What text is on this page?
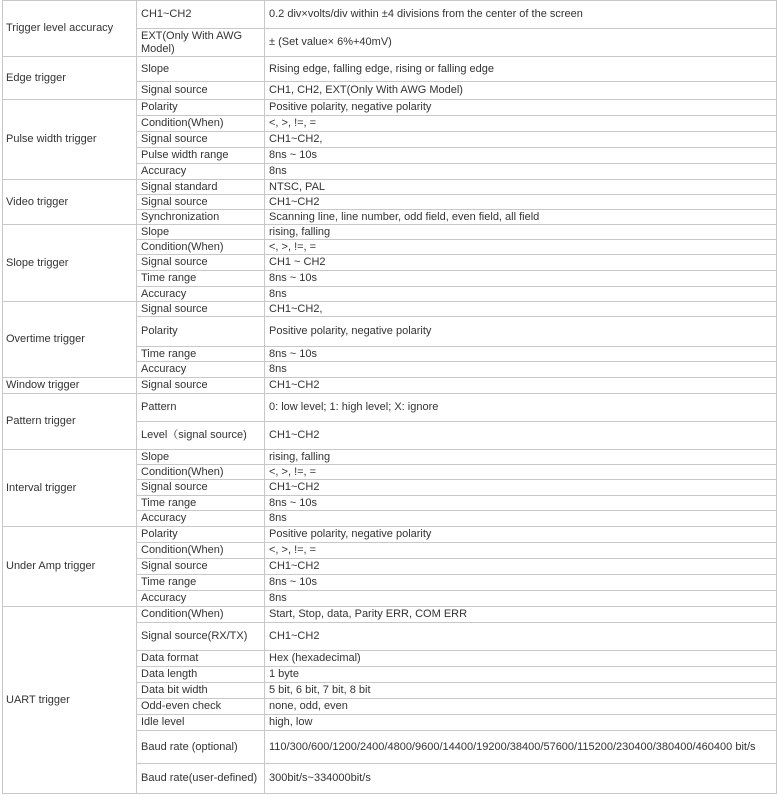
Trigger level accuracy	CH1~CH2	0.2 div×volts/div within ±4 divisions from the center of the screen
	EXT(Only With AWG Model)	± (Set value× 6%+40mV)
Edge trigger	Slope	Rising edge, falling edge, rising or falling edge
	Signal source	CH1, CH2, EXT(Only With AWG Model)
Pulse width trigger	Polarity	Positive polarity, negative polarity
	Condition(When)	<, >, !=, =
	Signal source	CH1~CH2,
	Pulse width range	8ns ~ 10s
	Accuracy	8ns
Video trigger	Signal standard	NTSC, PAL
	Signal source	CH1~CH2
	Synchronization	Scanning line, line number, odd field, even field, all field
Slope trigger	Slope	rising, falling
	Condition(When)	<, >, !=, =
	Signal source	CH1 ~ CH2
	Time range	8ns ~ 10s
	Accuracy	8ns
Overtime trigger	Signal source	CH1~CH2,
	Polarity	Positive polarity, negative polarity
	Time range	8ns ~ 10s
	Accuracy	8ns
Window trigger	Signal source	CH1~CH2
Pattern trigger	Pattern	0: low level; 1: high level; X: ignore
	Level（signal source)	CH1~CH2
Interval trigger	Slope	rising, falling
	Condition(When)	<, >, !=, =
	Signal source	CH1~CH2
	Time range	8ns ~ 10s
	Accuracy	8ns
Under Amp trigger	Polarity	Positive polarity, negative polarity
	Condition(When)	<, >, !=, =
	Signal source	CH1~CH2
	Time range	8ns ~ 10s
	Accuracy	8ns
UART trigger	Condition(When)	Start, Stop, data, Parity ERR, COM ERR
	Signal source(RX/TX)	CH1~CH2
	Data format	Hex (hexadecimal)
	Data length	1 byte
	Data bit width	5 bit, 6 bit, 7 bit, 8 bit
	Odd-even check	none, odd, even
	Idle level	high, low
	Baud rate (optional)	110/300/600/1200/2400/4800/9600/14400/19200/38400/57600/115200/230400/380400/460400 bit/s
	Baud rate(user-defined)	300bit/s~334000bit/s
